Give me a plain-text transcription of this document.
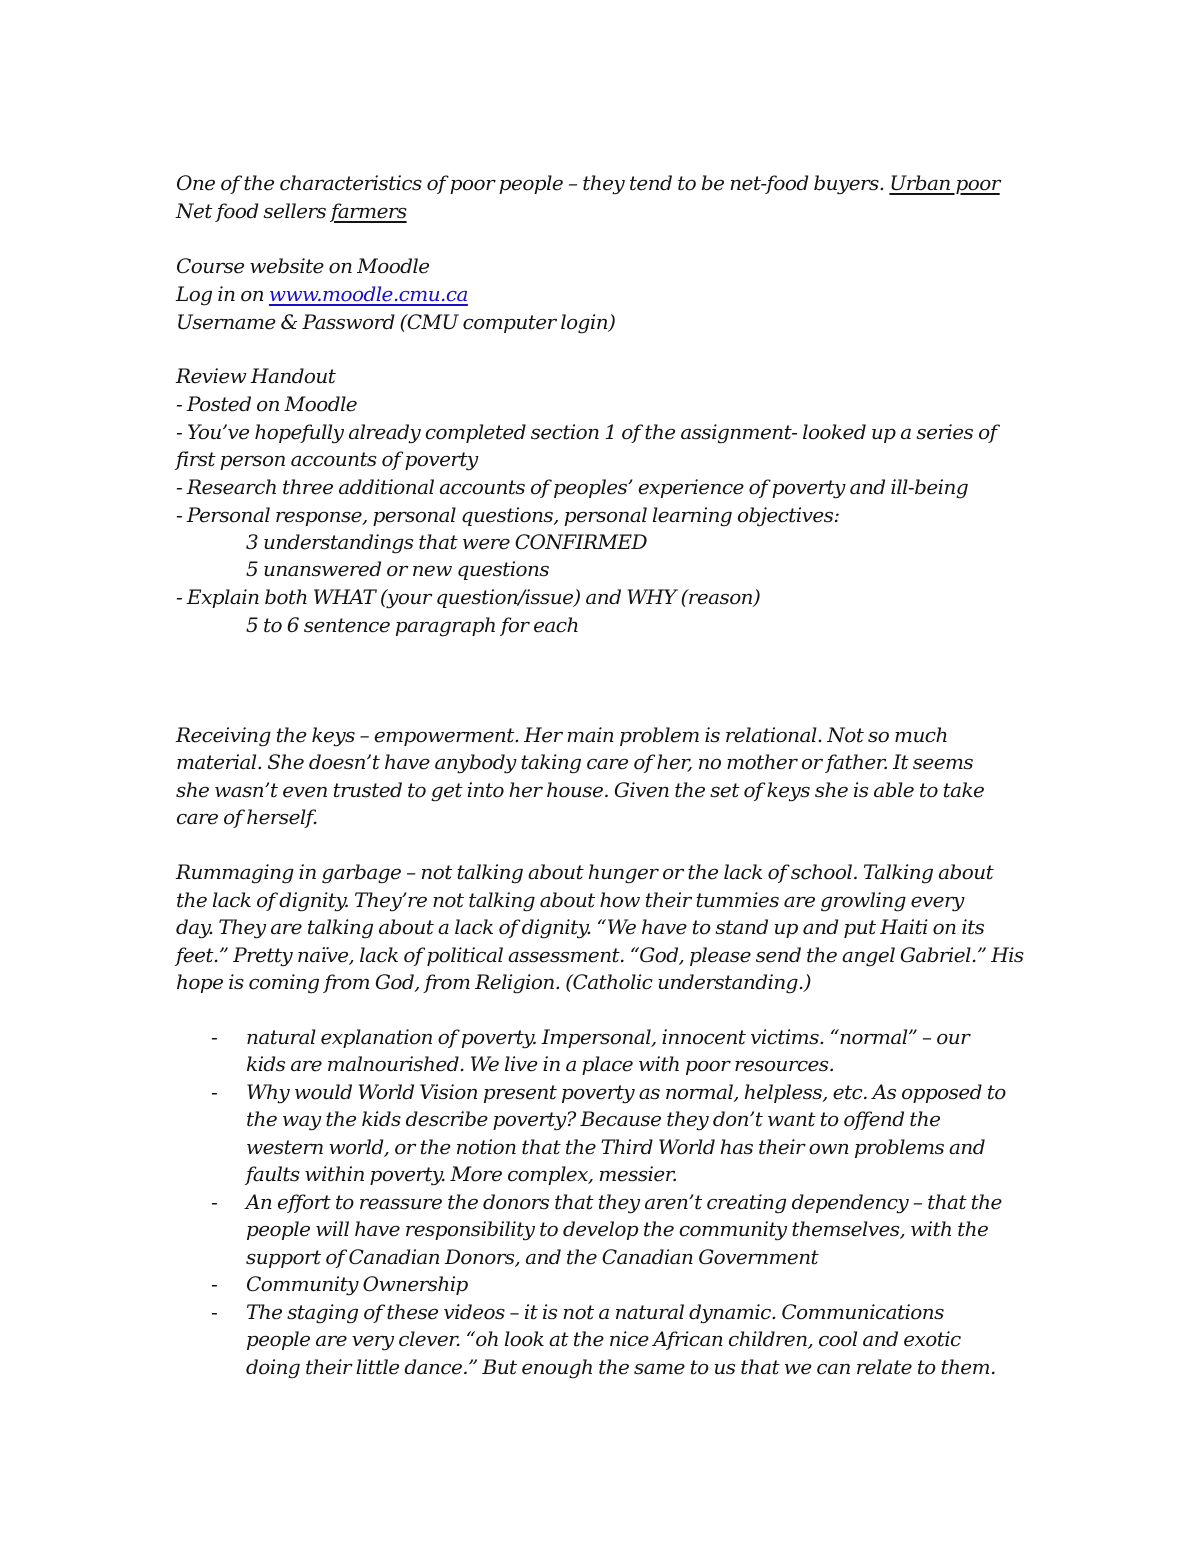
One of the characteristics of poor people – they tend to be net-food buyers. Urban poor
Net food sellers farmers
Course website on Moodle
Log in on www.moodle.cmu.ca
Username & Password (CMU computer login)
Review Handout
- Posted on Moodle
- You’ve hopefully already completed section 1 of the assignment- looked up a series of
first person accounts of poverty
- Research three additional accounts of peoples’ experience of poverty and ill-being
- Personal response, personal questions, personal learning objectives:
3 understandings that were CONFIRMED
5 unanswered or new questions
- Explain both WHAT (your question/issue) and WHY (reason)
5 to 6 sentence paragraph for each
Receiving the keys – empowerment. Her main problem is relational. Not so much
material. She doesn’t have anybody taking care of her, no mother or father. It seems
she wasn’t even trusted to get into her house. Given the set of keys she is able to take
care of herself.
Rummaging in garbage – not talking about hunger or the lack of school. Talking about
the lack of dignity. They’re not talking about how their tummies are growling every
day. They are talking about a lack of dignity. “We have to stand up and put Haiti on its
feet.” Pretty naïve, lack of political assessment. “God, please send the angel Gabriel.” His
hope is coming from God, from Religion. (Catholic understanding.)
- natural explanation of poverty. Impersonal, innocent victims. “normal” – our
kids are malnourished. We live in a place with poor resources.
- Why would World Vision present poverty as normal, helpless, etc. As opposed to
the way the kids describe poverty? Because they don’t want to offend the
western world, or the notion that the Third World has their own problems and
faults within poverty. More complex, messier.
- An effort to reassure the donors that they aren’t creating dependency – that the
people will have responsibility to develop the community themselves, with the
support of Canadian Donors, and the Canadian Government
- Community Ownership
- The staging of these videos – it is not a natural dynamic. Communications
people are very clever. “oh look at the nice African children, cool and exotic
doing their little dance.” But enough the same to us that we can relate to them.
